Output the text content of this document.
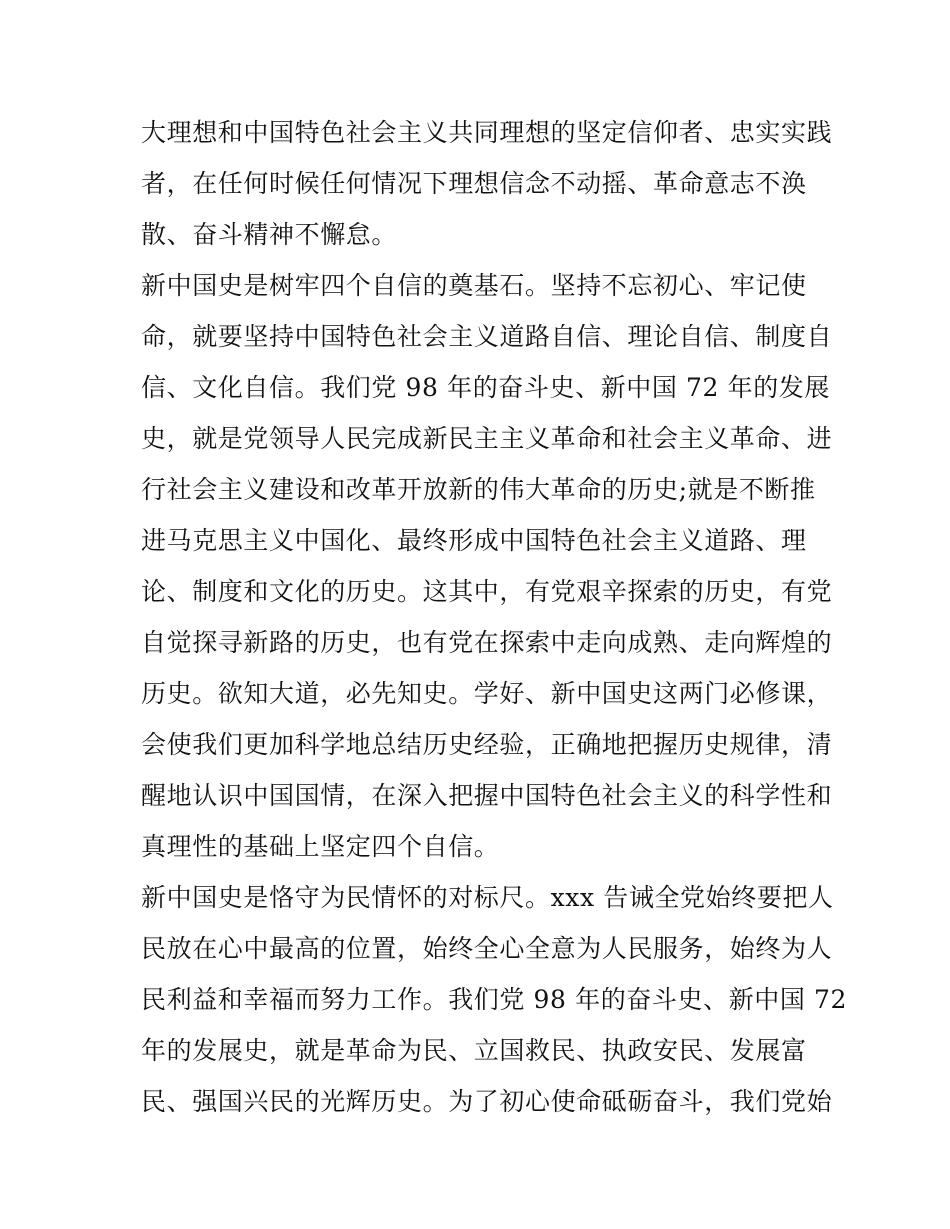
大理想和中国特色社会主义共同理想的坚定信仰者、忠实实践

者，在任何时候任何情况下理想信念不动摇、革命意志不涣

散、奋斗精神不懈怠。

新中国史是树牢四个自信的奠基石。坚持不忘初心、牢记使

命，就要坚持中国特色社会主义道路自信、理论自信、制度自

信、文化自信。我们党 98 年的奋斗史、新中国 72 年的发展

史，就是党领导人民完成新民主主义革命和社会主义革命、进

行社会主义建设和改革开放新的伟大革命的历史;就是不断推

进马克思主义中国化、最终形成中国特色社会主义道路、理

论、制度和文化的历史。这其中，有党艰辛探索的历史，有党

自觉探寻新路的历史，也有党在探索中走向成熟、走向辉煌的

历史。欲知大道，必先知史。学好、新中国史这两门必修课，

会使我们更加科学地总结历史经验，正确地把握历史规律，清

醒地认识中国国情，在深入把握中国特色社会主义的科学性和

真理性的基础上坚定四个自信。

新中国史是恪守为民情怀的对标尺。xxx 告诫全党始终要把人

民放在心中最高的位置，始终全心全意为人民服务，始终为人

民利益和幸福而努力工作。我们党 98 年的奋斗史、新中国 72

年的发展史，就是革命为民、立国救民、执政安民、发展富

民、强国兴民的光辉历史。为了初心使命砥砺奋斗，我们党始
